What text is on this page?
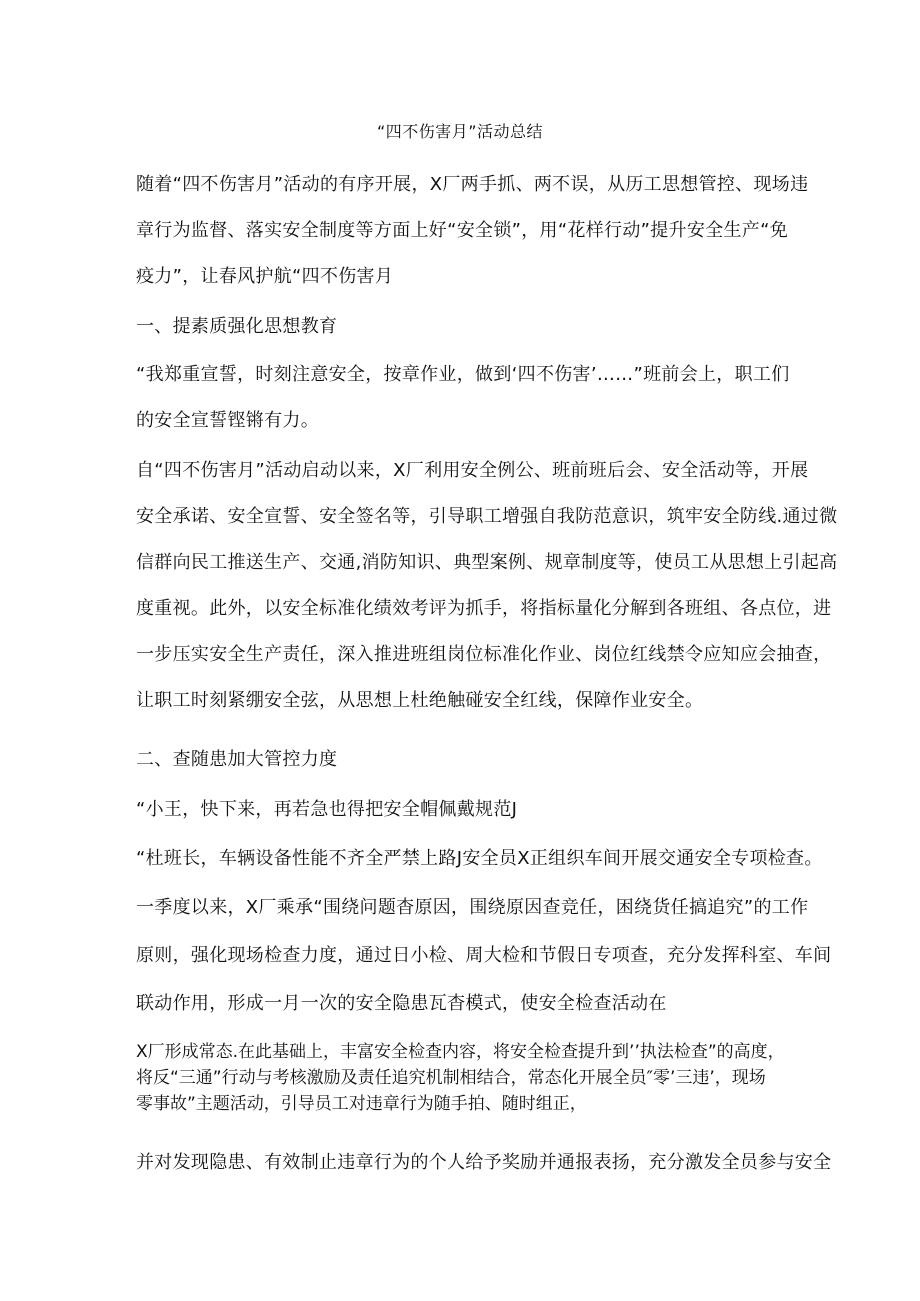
“四不伤害月”活动总结
随着“四不伤害月”活动的有序开展，X厂两手抓、两不误，从历工思想管控、现场违
章行为监督、落实安全制度等方面上好“安全锁”，用“花样行动”提升安全生产“免
疫力”，让春风护航“四不伤害月
一、提素质强化思想教育
“我郑重宣誓，时刻注意安全，按章作业，做到‘四不伤害’……”班前会上，职工们
的安全宣誓铿锵有力。
自“四不伤害月”活动启动以来，X厂利用安全例公、班前班后会、安全活动等，开展
安全承诺、安全宣誓、安全签名等，引导职工增强自我防范意识，筑牢安全防线.通过微
信群向民工推送生产、交通,消防知识、典型案例、规章制度等，使员工从思想上引起高
度重视。此外，以安全标准化绩效考评为抓手，将指标量化分解到各班组、各点位，进
一步压实安全生产责任，深入推进班组岗位标准化作业、岗位红线禁令应知应会抽查，
让职工时刻紧绷安全弦，从思想上杜绝触碰安全红线，保障作业安全。
二、查随患加大管控力度
“小王，快下来，再若急也得把安全帽佩戴规范J
“杜班长，车辆设备性能不齐全严禁上路J安全员X正组织车间开展交通安全专项检查。
一季度以来，X厂乘承“围绕问题杳原因，围绕原因查竞任，困绕货任搞追究”的工作
原则，强化现场检查力度，通过日小检、周大检和节假日专项查，充分发挥科室、车间
联动作用，形成一月一次的安全隐患瓦杳模式，使安全检查活动在
X厂形成常态.在此基础上，丰富安全检查内容，将安全检查提升到’’执法检查”的高度，
将反“三通”行动与考核激励及责任追究机制相结合，常态化开展全员″零’三违’，现场
零事故”主题活动，引导员工对违章行为随手拍、随时组正，
并对发现隐患、有效制止违章行为的个人给予奖励并通报表扬，充分激发全员参与安全
